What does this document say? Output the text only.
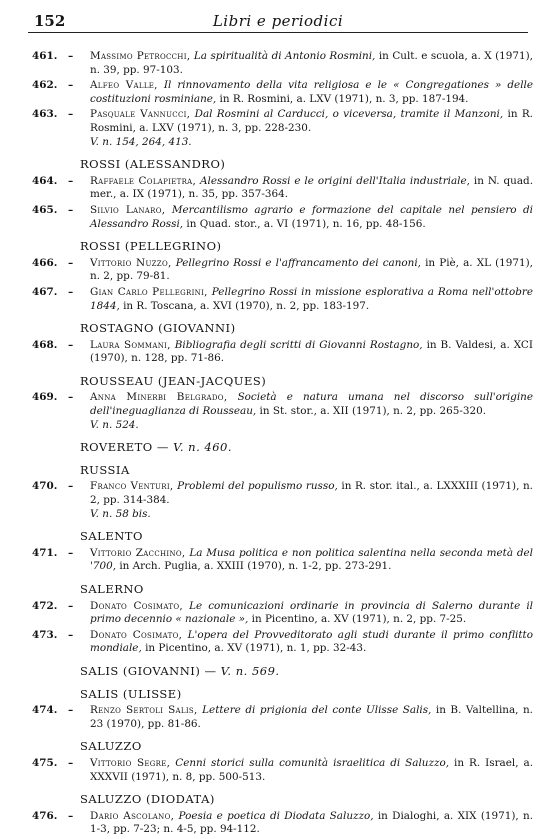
152	Libri e periodici
461.	– Massimo Petrocchi, La spiritualità di Antonio Rosmini, in Cult. e scuola, a. X (1971), n. 39, pp. 97-103.
462.	– Alfeo Valle, Il rinnovamento della vita religiosa e le « Congregationes » delle costituzioni rosminiane, in R. Rosmini, a. LXV (1971), n. 3, pp. 187-194.
463.	– Pasquale Vannucci, Dal Rosmini al Carducci, o viceversa, tramite il Manzoni, in R. Rosmini, a. LXV (1971), n. 3, pp. 228-230.
V. n. 154, 264, 413.
ROSSI (ALESSANDRO)
464.	– Raffaele Colapietra, Alessandro Rossi e le origini dell'Italia industriale, in N. quad. mer., a. IX (1971), n. 35, pp. 357-364.
465.	– Silvio Lanaro, Mercantilismo agrario e formazione del capitale nel pensiero di Alessandro Rossi, in Quad. stor., a. VI (1971), n. 16, pp. 48-156.
ROSSI (PELLEGRINO)
466.	– Vittorio Nuzzo, Pellegrino Rossi e l'affrancamento dei canoni, in Piè, a. XL (1971), n. 2, pp. 79-81.
467.	– Gian Carlo Pellegrini, Pellegrino Rossi in missione esplorativa a Roma nell'ottobre 1844, in R. Toscana, a. XVI (1970), n. 2, pp. 183-197.
ROSTAGNO (GIOVANNI)
468.	– Laura Sommani, Bibliografia degli scritti di Giovanni Rostagno, in B. Valdesi, a. XCI (1970), n. 128, pp. 71-86.
ROUSSEAU (JEAN-JACQUES)
469.	– Anna Minerbi Belgrado, Società e natura umana nel discorso sull'origine dell'ineguaglianza di Rousseau, in St. stor., a. XII (1971), n. 2, pp. 265-320.
V. n. 524.
ROVERETO — V. n. 460.
RUSSIA
470.	– Franco Venturi, Problemi del populismo russo, in R. stor. ital., a. LXXXIII (1971), n. 2, pp. 314-384.
V. n. 58 bis.
SALENTO
471.	– Vittorio Zacchino, La Musa politica e non politica salentina nella seconda metà del '700, in Arch. Puglia, a. XXIII (1970), n. 1-2, pp. 273-291.
SALERNO
472.	– Donato Cosimato, Le comunicazioni ordinarie in provincia di Salerno durante il primo decennio « nazionale », in Picentino, a. XV (1971), n. 2, pp. 7-25.
473.	– Donato Cosimato, L'opera del Provveditorato agli studi durante il primo conflitto mondiale, in Picentino, a. XV (1971), n. 1, pp. 32-43.
SALIS (GIOVANNI) — V. n. 569.
SALIS (ULISSE)
474.	– Renzo Sertoli Salis, Lettere di prigionia del conte Ulisse Salis, in B. Valtellina, n. 23 (1970), pp. 81-86.
SALUZZO
475.	– Vittorio Segre, Cenni storici sulla comunità israelitica di Saluzzo, in R. Israel, a. XXXVII (1971), n. 8, pp. 500-513.
SALUZZO (DIODATA)
476.	– Dario Ascolano, Poesia e poetica di Diodata Saluzzo, in Dialoghi, a. XIX (1971), n. 1-3, pp. 7-23; n. 4-5, pp. 94-112.
